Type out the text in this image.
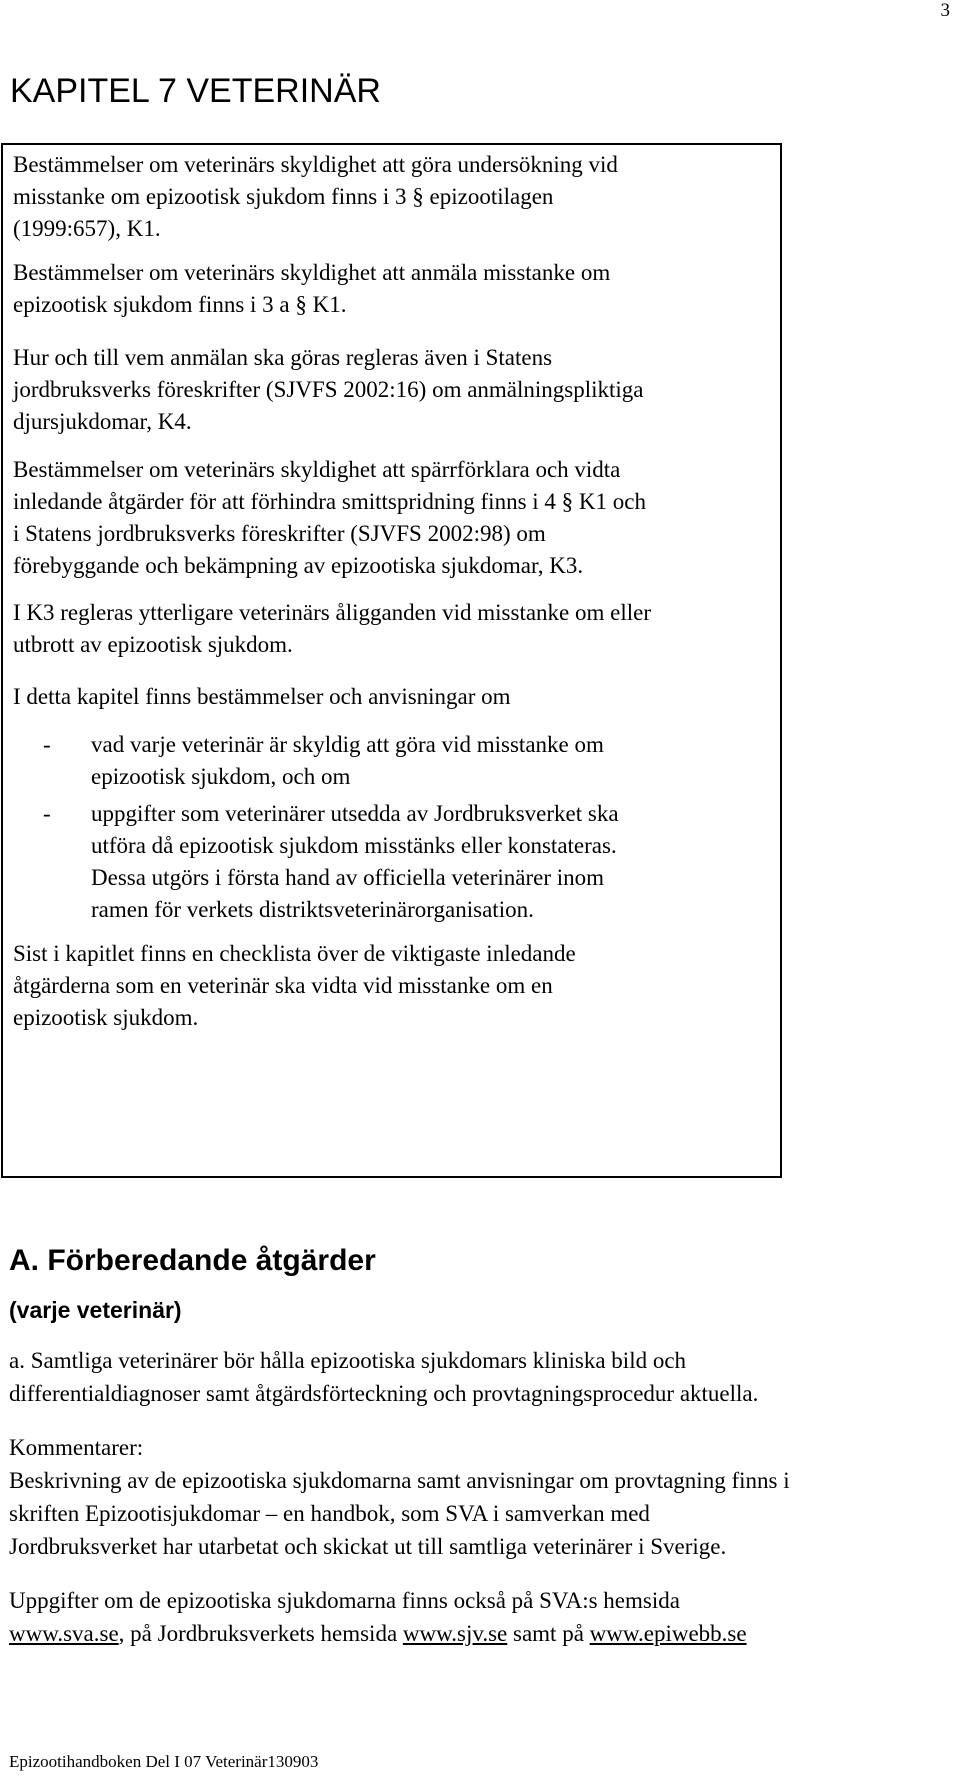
3
KAPITEL 7 VETERINÄR

Bestämmelser om veterinärs skyldighet att göra undersökning vid
misstanke om epizootisk sjukdom finns i 3 § epizootilagen
(1999:657), K1.

Bestämmelser om veterinärs skyldighet att anmäla misstanke om
epizootisk sjukdom finns i 3 a § K1.

Hur och till vem anmälan ska göras regleras även i Statens
jordbruksverks föreskrifter (SJVFS 2002:16) om anmälningspliktiga
djursjukdomar, K4.

Bestämmelser om veterinärs skyldighet att spärrförklara och vidta
inledande åtgärder för att förhindra smittspridning finns i 4 § K1 och
i Statens jordbruksverks föreskrifter (SJVFS 2002:98) om
förebyggande och bekämpning av epizootiska sjukdomar, K3.

I K3 regleras ytterligare veterinärs åligganden vid misstanke om eller
utbrott av epizootisk sjukdom.

I detta kapitel finns bestämmelser och anvisningar om

- vad varje veterinär är skyldig att göra vid misstanke om
epizootisk sjukdom, och om

- uppgifter som veterinärer utsedda av Jordbruksverket ska
utföra då epizootisk sjukdom misstänks eller konstateras.
Dessa utgörs i första hand av officiella veterinärer inom
ramen för verkets distriktsveterinärorganisation.

Sist i kapitlet finns en checklista över de viktigaste inledande
åtgärderna som en veterinär ska vidta vid misstanke om en
epizootisk sjukdom.

A. Förberedande åtgärder
(varje veterinär)

a. Samtliga veterinärer bör hålla epizootiska sjukdomars kliniska bild och
differentialdiagnoser samt åtgärdsförteckning och provtagningsprocedur aktuella.

Kommentarer:
Beskrivning av de epizootiska sjukdomarna samt anvisningar om provtagning finns i
skriften Epizootisjukdomar – en handbok, som SVA i samverkan med
Jordbruksverket har utarbetat och skickat ut till samtliga veterinärer i Sverige.

Uppgifter om de epizootiska sjukdomarna finns också på SVA:s hemsida
www.sva.se, på Jordbruksverkets hemsida www.sjv.se samt på www.epiwebb.se

Epizootihandboken Del I 07 Veterinär130903
